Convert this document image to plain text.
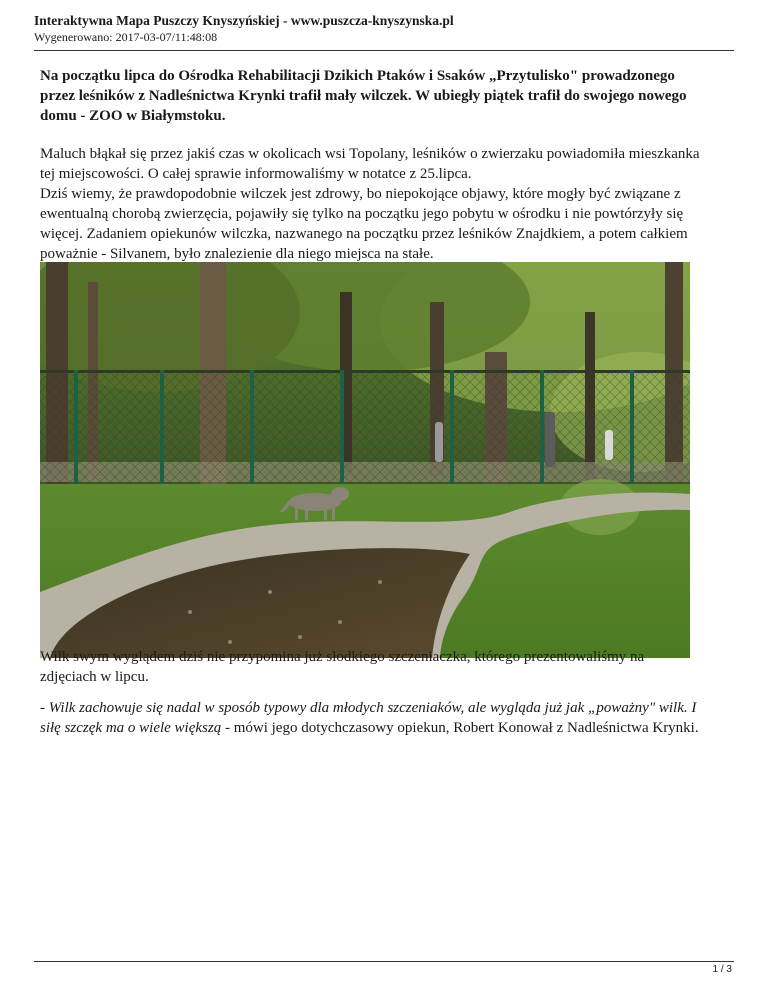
Interaktywna Mapa Puszczy Knyszyńskiej - www.puszcza-knyszynska.pl
Wygenerowano: 2017-03-07/11:48:08

Na początku lipca do Ośrodka Rehabilitacji Dzikich Ptaków i Ssaków „Przytulisko" prowadzonego przez leśników z Nadleśnictwa Krynki trafił mały wilczek. W ubiegły piątek trafił do swojego nowego domu - ZOO w Białymstoku.

Maluch błąkał się przez jakiś czas w okolicach wsi Topolany, leśników o zwierzaku powiadomiła mieszkanka tej miejscowości. O całej sprawie informowaliśmy w notatce z 25.lipca.

Dziś wiemy, że prawdopodobnie wilczek jest zdrowy, bo niepokojące objawy, które mogły być związane z ewentualną chorobą zwierzęcia, pojawiły się tylko na początku jego pobytu w ośrodku i nie powtórzyły się więcej. Zadaniem opiekunów wilczka, nazwanego na początku przez leśników Znajdkiem, a potem całkiem poważnie - Silvanem, było znalezienie dla niego miejsca na stałe.

Wilk swym wyglądem dziś nie przypomina już słodkiego szczeniaczka, którego prezentowaliśmy na zdjęciach w lipcu.

- Wilk zachowuje się nadal w sposób typowy dla młodych szczeniaków, ale wygląda już jak „poważny" wilk. I siłę szczęk ma o wiele większą - mówi jego dotychczasowy opiekun, Robert Konował z Nadleśnictwa Krynki.

1 / 3
